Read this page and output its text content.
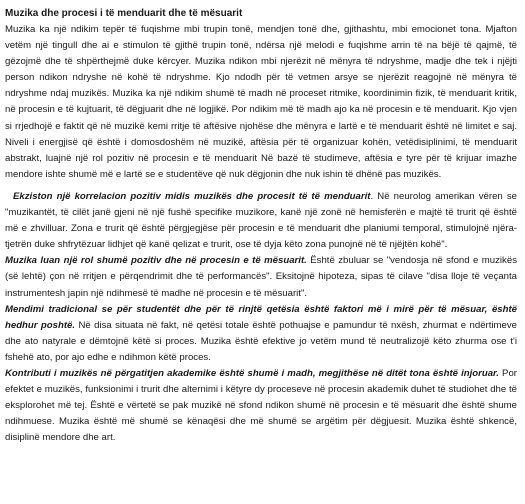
Muzika dhe procesi i të menduarit dhe të mësuarit

Muzika ka një ndikim tepër të fuqishme mbi trupin tonë, mendjen tonë dhe, gjithashtu, mbi emocionet tona. Mjafton vetëm një tingull dhe ai e stimulon të gjithë trupin tonë, ndërsa një melodi e fuqishme arrin të na bëjë të qajmë, të gëzojmë dhe të shpërthejmë duke kërcyer. Muzika ndikon mbi njerëzit në mënyra të ndryshme, madje dhe tek i njëjti person ndikon ndryshe në kohë të ndryshme. Kjo ndodh për të vetmen arsye se njerëzit reagojnë në mënyra të ndryshme ndaj muzikës. Muzika ka një ndikim shumë të madh në proceset ritmike, koordinimin fizik, të menduarit kritik, në procesin e të kujtuarit, të dëgjuarit dhe në logjikë. Por ndikim më të madh ajo ka në procesin e të menduarit. Kjo vjen si rrjedhojë e faktit që në muzikë kemi rritje të aftësive njohëse dhe mënyra e lartë e të menduarit është në limitet e saj. Niveli i energjisë që është i domosdoshëm në muzikë, aftësia për të organizuar kohën, vetëdisiplinimi, të menduarit abstrakt, luajnë një rol pozitiv në procesin e të menduarit Në bazë të studimeve, aftësia e tyre për të krijuar imazhe mendore ishte shumë më e lartë se e studentëve që nuk dëgjonin dhe nuk ishin të dhënë pas muzikës.

Ekziston një korrelacion pozitiv midis muzikës dhe procesit të të menduarit. Në neurolog amerikan vëren se "muzikantët, të cilët janë gjeni në një fushë specifike muzikore, kanë një zonë në hemisferën e majtë të trurit që është më e zhvilluar. Zona e trurit që është përgjegjëse për procesin e të menduarit dhe planiumi temporal, stimulojnë njëra-tjetrën duke shfrytëzuar lidhjet që kanë qelizat e trurit, ose të dyja këto zona punojnë në të njëjtën kohë".

Muzika luan një rol shumë pozitiv dhe në procesin e të mësuarit. Është zbuluar se "vendosja në sfond e muzikës (së lehtë) çon në rritjen e përqendrimit dhe të performancës". Eksitojnë hipoteza, sipas të cilave "disa lloje të veçanta instrumentesh japin një ndihmesë të madhe në procesin e të mësuarit".

Mendimi tradicional se për studentët dhe për të rinjtë qetësia është faktori më i mirë për të mësuar, është hedhur poshtë. Në disa situata në fakt, në qetësi totale është pothuajse e pamundur të nxësh, zhurmat e ndërtimeve dhe ato natyrale e dëmtojnë këtë si proces. Muzika është efektive jo vetëm mund të neutralizojë këto zhurma ose t'i fshehë ato, por ajo edhe e ndihmon këtë proces.

Kontributi i muzikës në përgatitjen akademike është shumë i madh, megjithëse në ditët tona është injoruar. Por efektet e muzikës, funksionimi i trurit dhe alternimi i këtyre dy proceseve në procesin akademik duhet të studiohet dhe të eksplorohet më tej. Është e vërtetë se pak muzikë në sfond ndikon shumë në procesin e të mësuarit dhe është shume ndihmuese. Muzika është më shumë se kënaqësi dhe më shumë se argëtim për dëgjuesit. Muzika është shkencë, disiplinë mendore dhe art.
